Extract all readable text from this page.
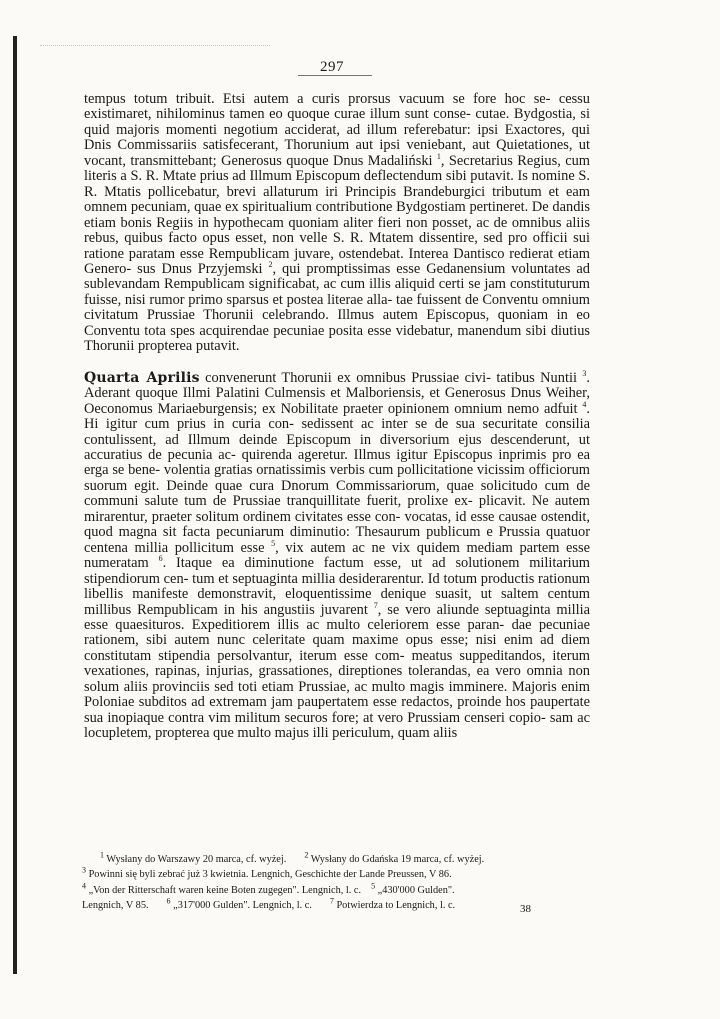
297

tempus totum tribuit. Etsi autem a curis prorsus vacuum se fore hoc se- cessu existimaret, nihilominus tamen eo quoque curae illum sunt conse- cutae. Bydgostia, si quid majoris momenti negotium acciderat, ad illum referebatur: ipsi Exactores, qui Dnis Commissariis satisfecerant, Thorunium aut ipsi veniebant, aut Quietationes, ut vocant, transmittebant; Generosus quoque Dnus Madaliński $^1$, Secretarius Regius, cum literis a S. R. Mtate prius ad Illmum Episcopum deflectendum sibi putavit. Is nomine S. R. Mtatis pollicebatur, brevi allaturum iri Principis Brandeburgici tributum et eam omnem pecuniam, quae ex spiritualium contributione Bydgostiam pertineret. De dandis etiam bonis Regiis in hypothecam quoniam aliter fieri non posset, ac de omnibus aliis rebus, quibus facto opus esset, non velle S. R. Mtatem dissentire, sed pro officii sui ratione paratam esse Rempublicam juvare, ostendebat. Interea Dantisco redierat etiam Genero- sus Dnus Przyjemski $^2$, qui promptissimas esse Gedanensium voluntates ad sublevandam Rempublicam significabat, ac cum illis aliquid certi se jam constituturum fuisse, nisi rumor primo sparsus et postea literae alla- tae fuissent de Conventu omnium civitatum Prussiae Thorunii celebrando. Illmus autem Episcopus, quoniam in eo Conventu tota spes acquirendae pecuniae posita esse videbatur, manendum sibi diutius Thorunii propterea putavit.

Quarta Aprilis convenerunt Thorunii ex omnibus Prussiae civi- tatibus Nuntii $^3$. Aderant quoque Illmi Palatini Culmensis et Malboriensis, et Generosus Dnus Weiher, Oeconomus Mariaeburgensis; ex Nobilitate praeter opinionem omnium nemo adfuit $^4$. Hi igitur cum prius in curia con- sedissent ac inter se de sua securitate consilia contulissent, ad Illmum deinde Episcopum in diversorium ejus descenderunt, ut accuratius de pecunia ac- quirenda ageretur. Illmus igitur Episcopus inprimis pro ea erga se bene- volentia gratias ornatissimis verbis cum pollicitatione vicissim officiorum suorum egit. Deinde quae cura Dnorum Commissariorum, quae solicitudo cum de communi salute tum de Prussiae tranquillitate fuerit, prolixe ex- plicavit. Ne autem mirarentur, praeter solitum ordinem civitates esse con- vocatas, id esse causae ostendit, quod magna sit facta pecuniarum diminutio: Thesaurum publicum e Prussia quatuor centena millia pollicitum esse $^5$, vix autem ac ne vix quidem mediam partem esse numeratam $^6$. Itaque ea diminutione factum esse, ut ad solutionem militarium stipendiorum cen- tum et septuaginta millia desiderarentur. Id totum productis rationum libellis manifeste demonstravit, eloquentissime denique suasit, ut saltem centum millibus Rempublicam in his angustiis juvarent $^7$, se vero aliunde septuaginta millia esse quaesituros. Expeditiorem illis ac multo celeriorem esse paran- dae pecuniae rationem, sibi autem nunc celeritate quam maxime opus esse; nisi enim ad diem constitutam stipendia persolvantur, iterum esse com- meatus suppeditandos, iterum vexationes, rapinas, injurias, grassationes, direptiones tolerandas, ea vero omnia non solum aliis provinciis sed toti etiam Prussiae, ac multo magis imminere. Majoris enim Poloniae subditos ad extremam jam paupertatem esse redactos, proinde hos paupertate sua inopiaque contra vim militum securos fore; at vero Prussiam censeri copio- sam ac locupletem, propterea que multo majus illi periculum, quam aliis

$^1$ Wysłany do Warszawy 20 marca, cf. wyżej. $^2$ Wysłany do Gdańska 19 marca, cf. wyżej.
$^3$ Powinni się byli zebrać już 3 kwietnia. Lengnich, Geschichte der Lande Preussen, V 86.
$^4$ „Von der Ritterschaft waren keine Boten zugegen". Lengnich, l. c. $^5$ „430'000 Gulden".
Lengnich, V 85. $^6$ „317'000 Gulden". Lengnich, l. c. $^7$ Potwierdza to Lengnich, l. c.	38
